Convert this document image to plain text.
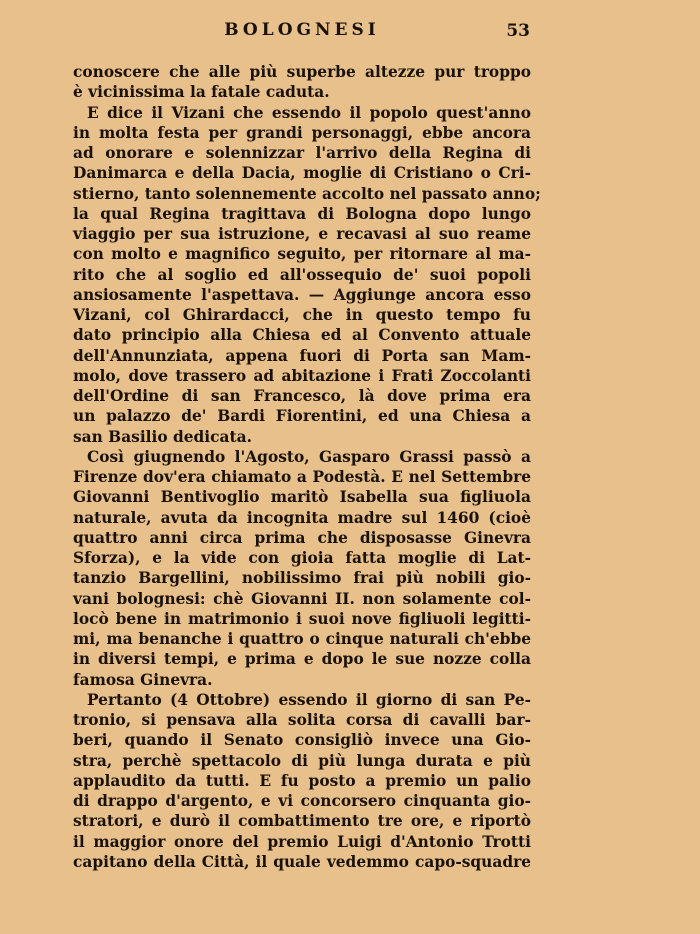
BOLOGNESI	53
conoscere che alle più superbe altezze pur troppo
è vicinissima la fatale caduta.
E dice il Vizani che essendo il popolo quest'anno
in molta festa per grandi personaggi, ebbe ancora
ad onorare e solennizzar l'arrivo della Regina di
Danimarca e della Dacia, moglie di Cristiano o Cri-
stierno, tanto solennemente accolto nel passato anno;
la qual Regina tragittava di Bologna dopo lungo
viaggio per sua istruzione, e recavasi al suo reame
con molto e magnifico seguito, per ritornare al ma-
rito che al soglio ed all'ossequio de' suoi popoli
ansiosamente l'aspettava. — Aggiunge ancora esso
Vizani, col Ghirardacci, che in questo tempo fu
dato principio alla Chiesa ed al Convento attuale
dell'Annunziata, appena fuori di Porta san Mam-
molo, dove trassero ad abitazione i Frati Zoccolanti
dell'Ordine di san Francesco, là dove prima era
un palazzo de' Bardi Fiorentini, ed una Chiesa a
san Basilio dedicata.
Così giugnendo l'Agosto, Gasparo Grassi passò a
Firenze dov'era chiamato a Podestà. E nel Settembre
Giovanni Bentivoglio maritò Isabella sua figliuola
naturale, avuta da incognita madre sul 1460 (cioè
quattro anni circa prima che disposasse Ginevra
Sforza), e la vide con gioia fatta moglie di Lat-
tanzio Bargellini, nobilissimo frai più nobili gio-
vani bolognesi: chè Giovanni II. non solamente col-
locò bene in matrimonio i suoi nove figliuoli legitti-
mi, ma benanche i quattro o cinque naturali ch'ebbe
in diversi tempi, e prima e dopo le sue nozze colla
famosa Ginevra.
Pertanto (4 Ottobre) essendo il giorno di san Pe-
tronio, si pensava alla solita corsa di cavalli bar-
beri, quando il Senato consigliò invece una Gio-
stra, perchè spettacolo di più lunga durata e più
applaudito da tutti. E fu posto a premio un palio
di drappo d'argento, e vi concorsero cinquanta gio-
stratori, e durò il combattimento tre ore, e riportò
il maggior onore del premio Luigi d'Antonio Trotti
capitano della Città, il quale vedemmo capo-squadre
